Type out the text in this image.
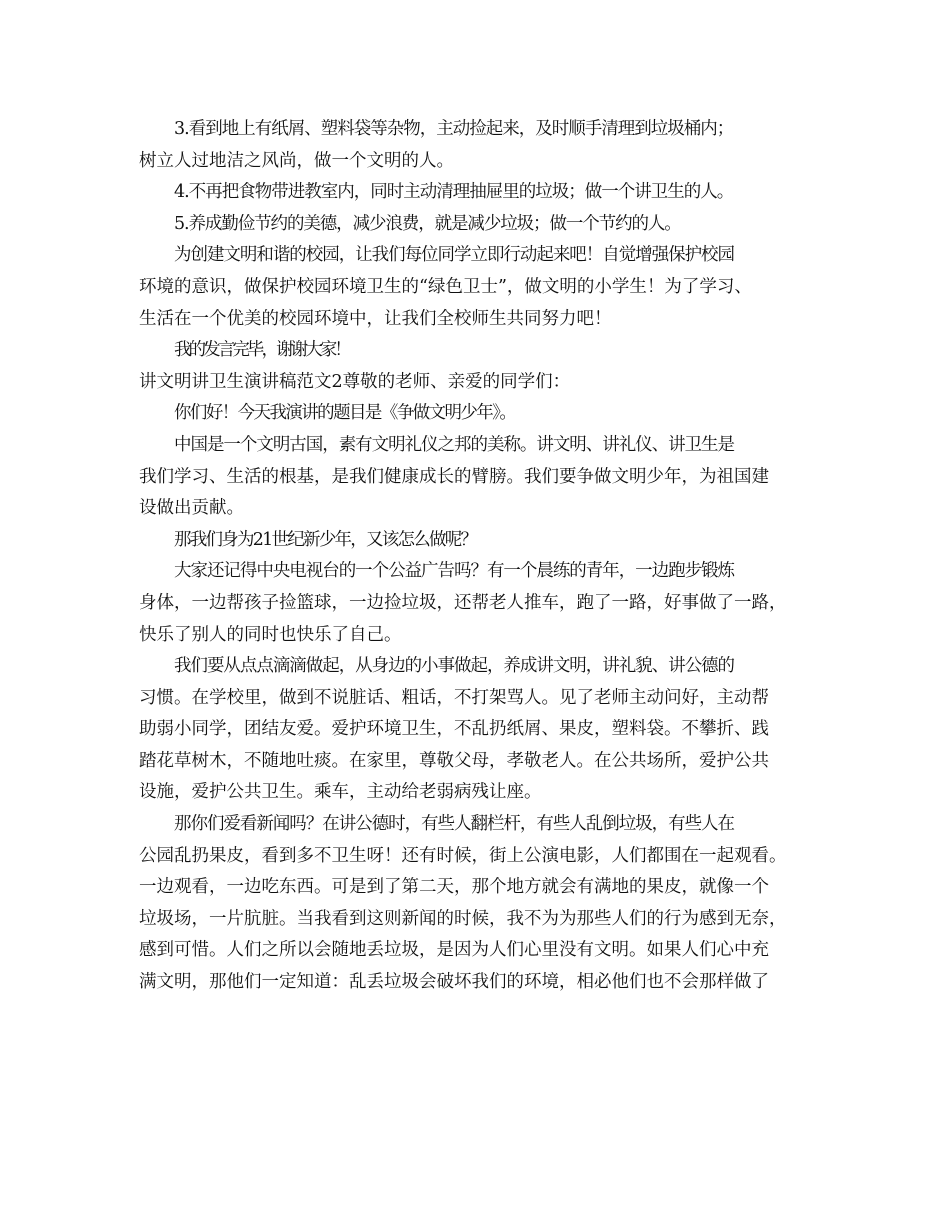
3.看到地上有纸屑、塑料袋等杂物，主动捡起来，及时顺手清理到垃圾桶内；
树立人过地洁之风尚，做一个文明的人。
4.不再把食物带进教室内，同时主动清理抽屉里的垃圾；做一个讲卫生的人。
5.养成勤俭节约的美德，减少浪费，就是减少垃圾；做一个节约的人。
为创建文明和谐的校园，让我们每位同学立即行动起来吧！自觉增强保护校园
环境的意识，做保护校园环境卫生的“绿色卫士”，做文明的小学生！为了学习、
生活在一个优美的校园环境中，让我们全校师生共同努力吧！
我的发言完毕，谢谢大家！
讲文明讲卫生演讲稿范文2尊敬的老师、亲爱的同学们：
你们好！今天我演讲的题目是《争做文明少年》。
中国是一个文明古国，素有文明礼仪之邦的美称。讲文明、讲礼仪、讲卫生是
我们学习、生活的根基，是我们健康成长的臂膀。我们要争做文明少年，为祖国建
设做出贡献。
那我们身为21世纪新少年，又该怎么做呢？
大家还记得中央电视台的一个公益广告吗？有一个晨练的青年，一边跑步锻炼
身体，一边帮孩子捡篮球，一边捡垃圾，还帮老人推车，跑了一路，好事做了一路，
快乐了别人的同时也快乐了自己。
我们要从点点滴滴做起，从身边的小事做起，养成讲文明，讲礼貌、讲公德的
习惯。在学校里，做到不说脏话、粗话，不打架骂人。见了老师主动问好，主动帮
助弱小同学，团结友爱。爱护环境卫生，不乱扔纸屑、果皮，塑料袋。不攀折、践
踏花草树木，不随地吐痰。在家里，尊敬父母，孝敬老人。在公共场所，爱护公共
设施，爱护公共卫生。乘车，主动给老弱病残让座。
那你们爱看新闻吗？在讲公德时，有些人翻栏杆，有些人乱倒垃圾，有些人在
公园乱扔果皮，看到多不卫生呀！还有时候，街上公演电影，人们都围在一起观看。
一边观看，一边吃东西。可是到了第二天，那个地方就会有满地的果皮，就像一个
垃圾场，一片肮脏。当我看到这则新闻的时候，我不为为那些人们的行为感到无奈，
感到可惜。人们之所以会随地丢垃圾，是因为人们心里没有文明。如果人们心中充
满文明，那他们一定知道：乱丢垃圾会破坏我们的环境，相必他们也不会那样做了
